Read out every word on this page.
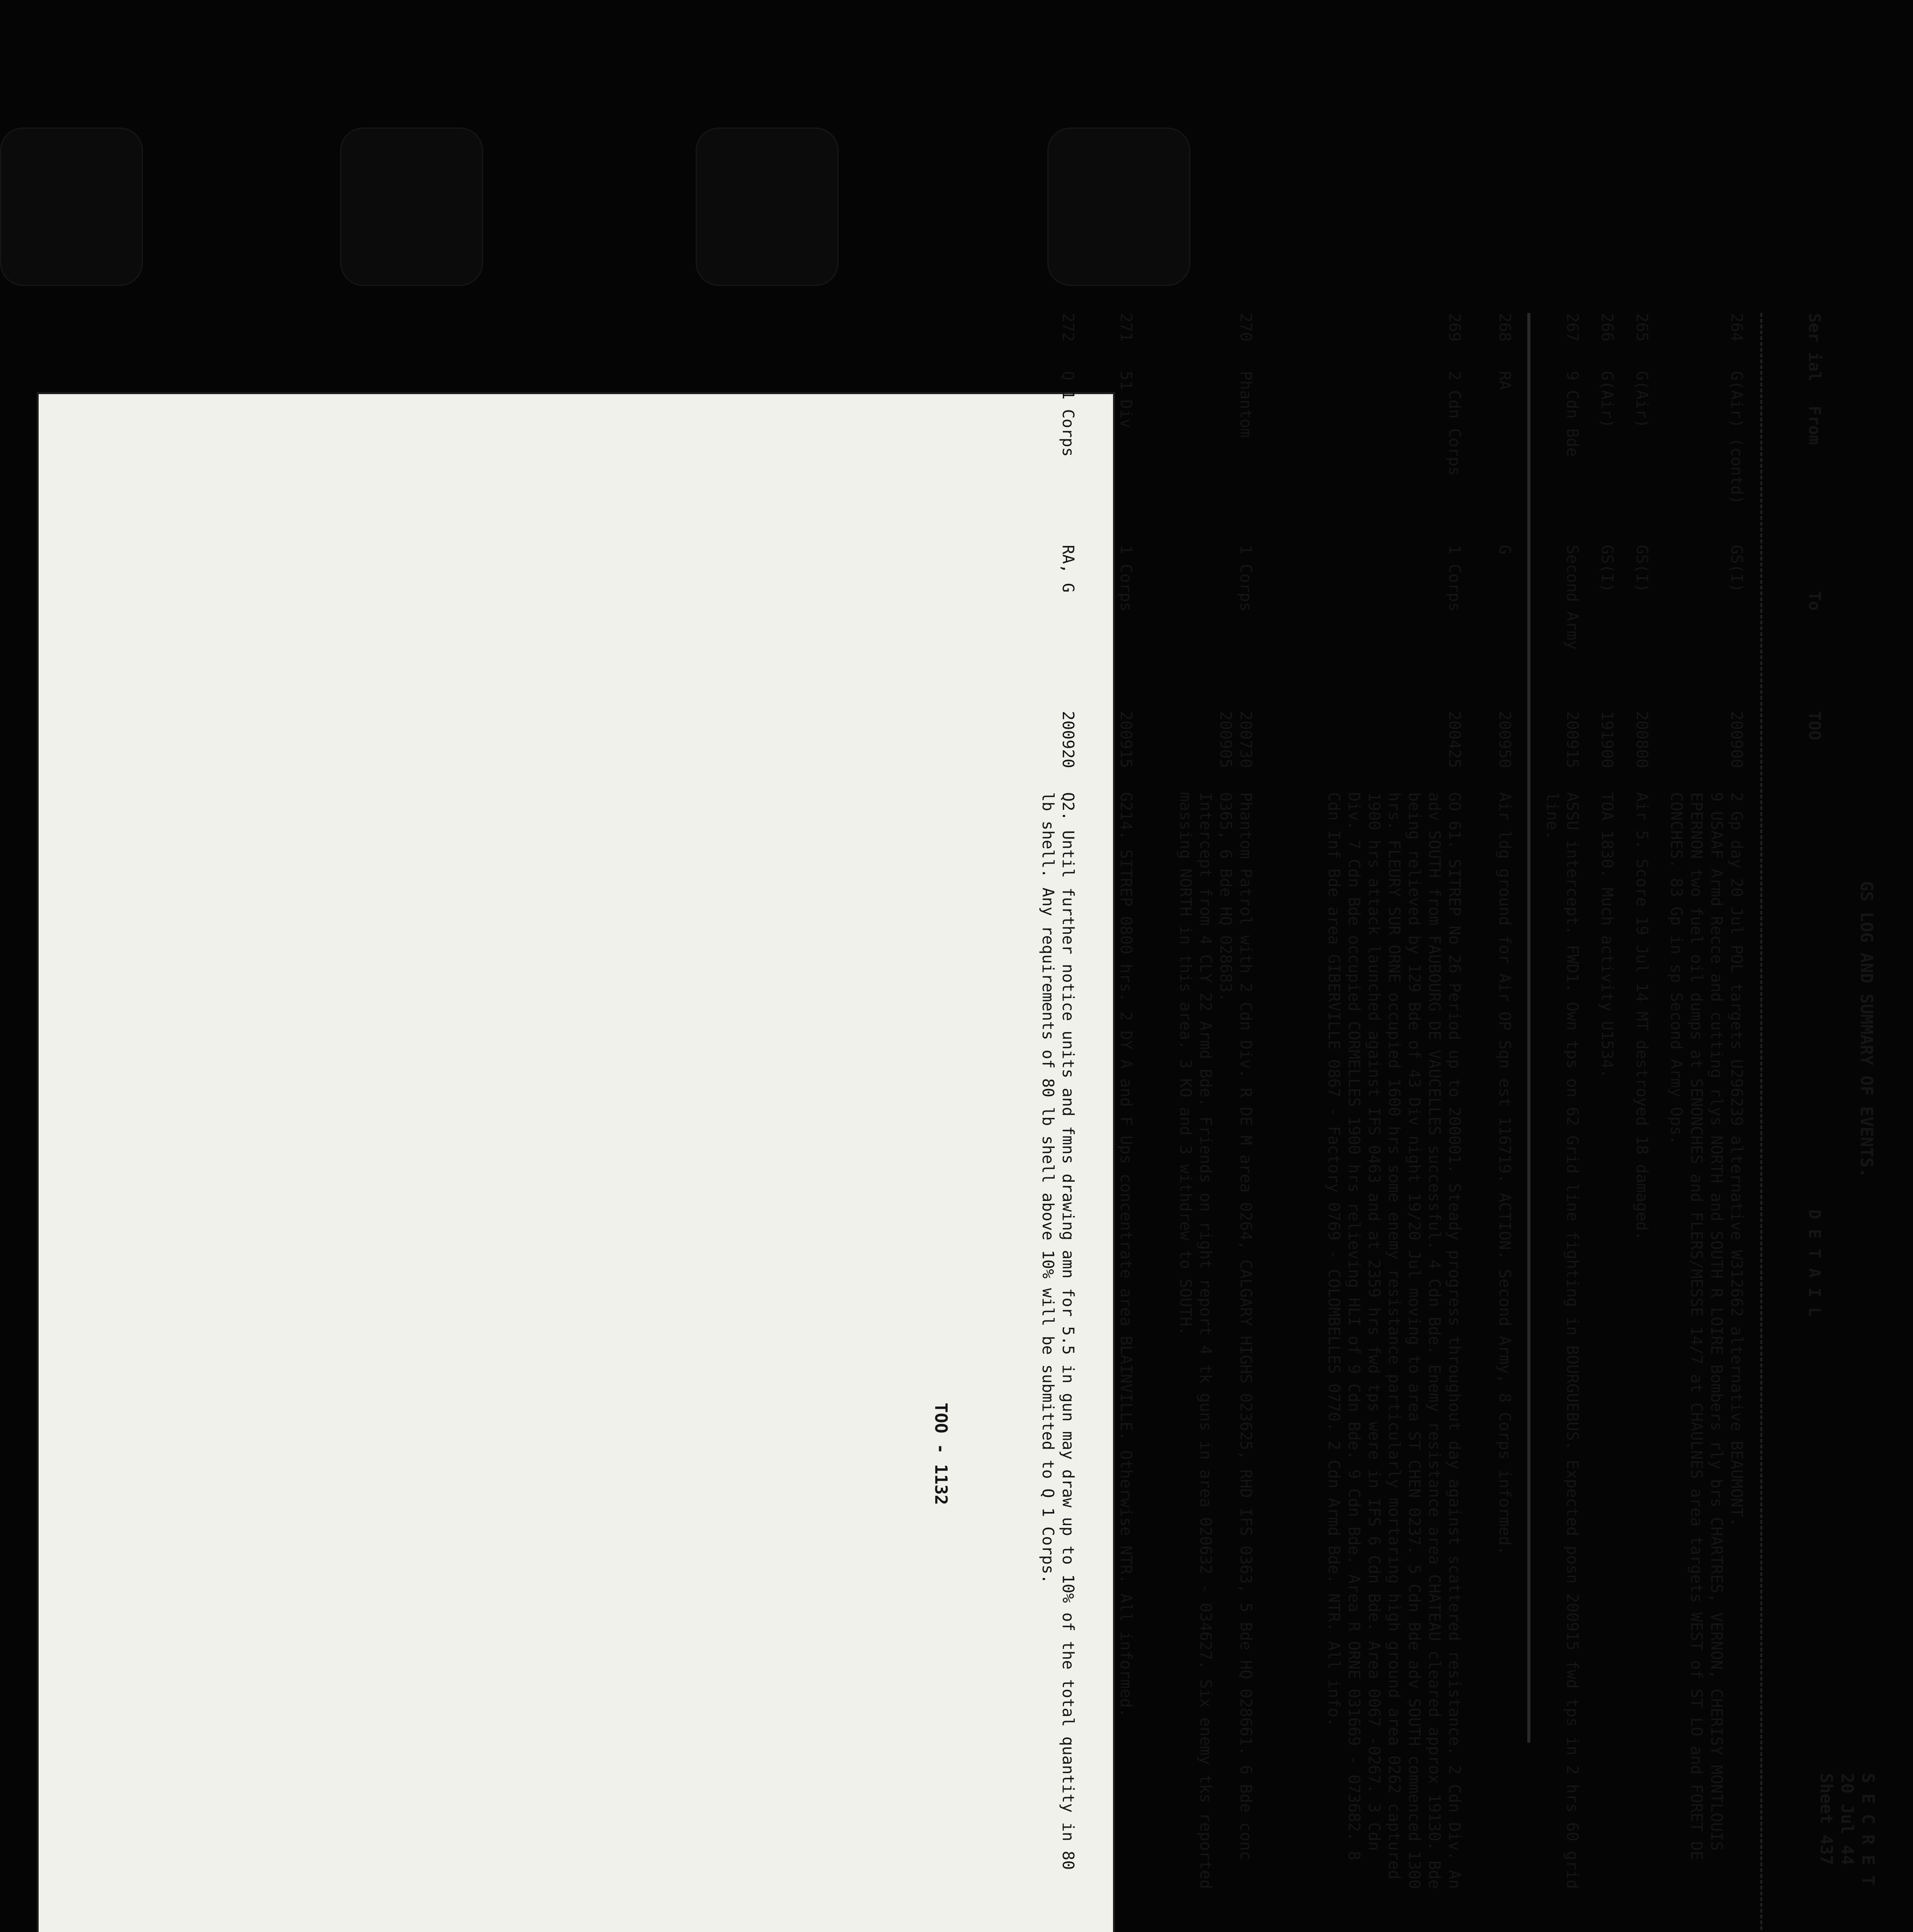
GS LOG AND SUMMARY OF EVENTS.
S E C R E T
20 Jul 44
Sheet 437
Ser ial
From
To
TOO
D E T A I L
264
G(Air) (contd)
GS(I)
200900
2 Gp day 20 Jul POL targets U296239 alternative W312662 alternative BEAUMONT.
9 USAAF Armd Recce and cutting rlys NORTH and SOUTH R LOIRE Bombers rly brs CHARTRES, VERNON, CHERISY MONTLOUIS EPERNON two fuel oil dumps at SENONCHES and FLERS/MESSE 14/7 at CHAULNES area targets WEST of ST LO and FORET DE CONCHES. 83 Gp in sp Second Army Ops.
265
G(Air)
GS(I)
200800
Air 5. Score 19 Jul 14 MT destroyed 18 damaged.
266
G(Air)
GS(I)
191900
TOA 1830. Much activity U1534.
267
9 Cdn Bde
Second Army
200915
ASSU intercept. FWD1. Own tps on 62 Grid line fighting in BOURGUEBUS. Expected posn 200915 fwd tps in 2 hrs 60 grid line.
268
RA
G
200950
Air ldg ground for Air OP Sqn est 116719. ACTION. Second Army, 8 Corps informed.
269
2 Cdn Corps
1 Corps
200425
GO 61. SITREP No 26 Period up to 200001. Steady progress throughout day against scattered resistance. 2 Cdn Div. An adv SOUTH from FAUBOURG DE VAUCELLES successful. 4 Cdn Bde. Enemy resistance area CHATEAU cleared approx 19130. Bde being relieved by 129 Bde of 43 Div night 19/20 Jul moving to area ST CHEN 0237. 5 Cdn Bde adv SOUTH commenced 1300 hrs. FLEURY SUR ORNE occupied 1600 hrs some enemy resistance particularly mortaring high ground area 0262 captured 1900 hrs attack launched against IFS 0463 and at 2359 hrs fwd tps were in IFS 6 Cdn Bde. Area 0067 -0267. 3 Cdn Div. 7 Cdn Bde occupied CORMELLES 1900 hrs relieving HLI of 9 Cdn Bde. 9 Cdn Bde. Area R ORNE 031669 - 073682. 8 Cdn Inf Bde area GIBERVILLE 0867 - Factory 0769 - COLOMBELLES 0770. 2 Cdn Armd Bde. NTR. All info.
270
Phantom
1 Corps
200730
200905
Phantom Patrol with 2 Cdn Div. R DE M area 0264, CALGARY HIGHS 023625, RHD IFS 0363, 5 Bde HQ 028661. 6 Bde conc 0365, 6 Bde HQ 028683.
Intercept from 4 CLY 22 Armd Bde. Friends on right report 4 tk guns in area 020632 - 034627. Six enemy tks reported massing NORTH in this area. 3 KO and 3 withdrew to SOUTH.
271
51 Div
1 Corps
200915
G214. SITREP 0800 hrs. 2 DY A and F Ups concentrate area BLAINVILLE. Otherwise NTR. All informed.
272
Q 1 Corps
RA, G
200920
Q2. Until further notice units and fmns drawing amn for 5.5 in gun may draw up to 10% of the total quantity in 80 lb shell. Any requirements of 80 lb shell above 10% will be submitted to Q 1 Corps.
TOO - 1132
